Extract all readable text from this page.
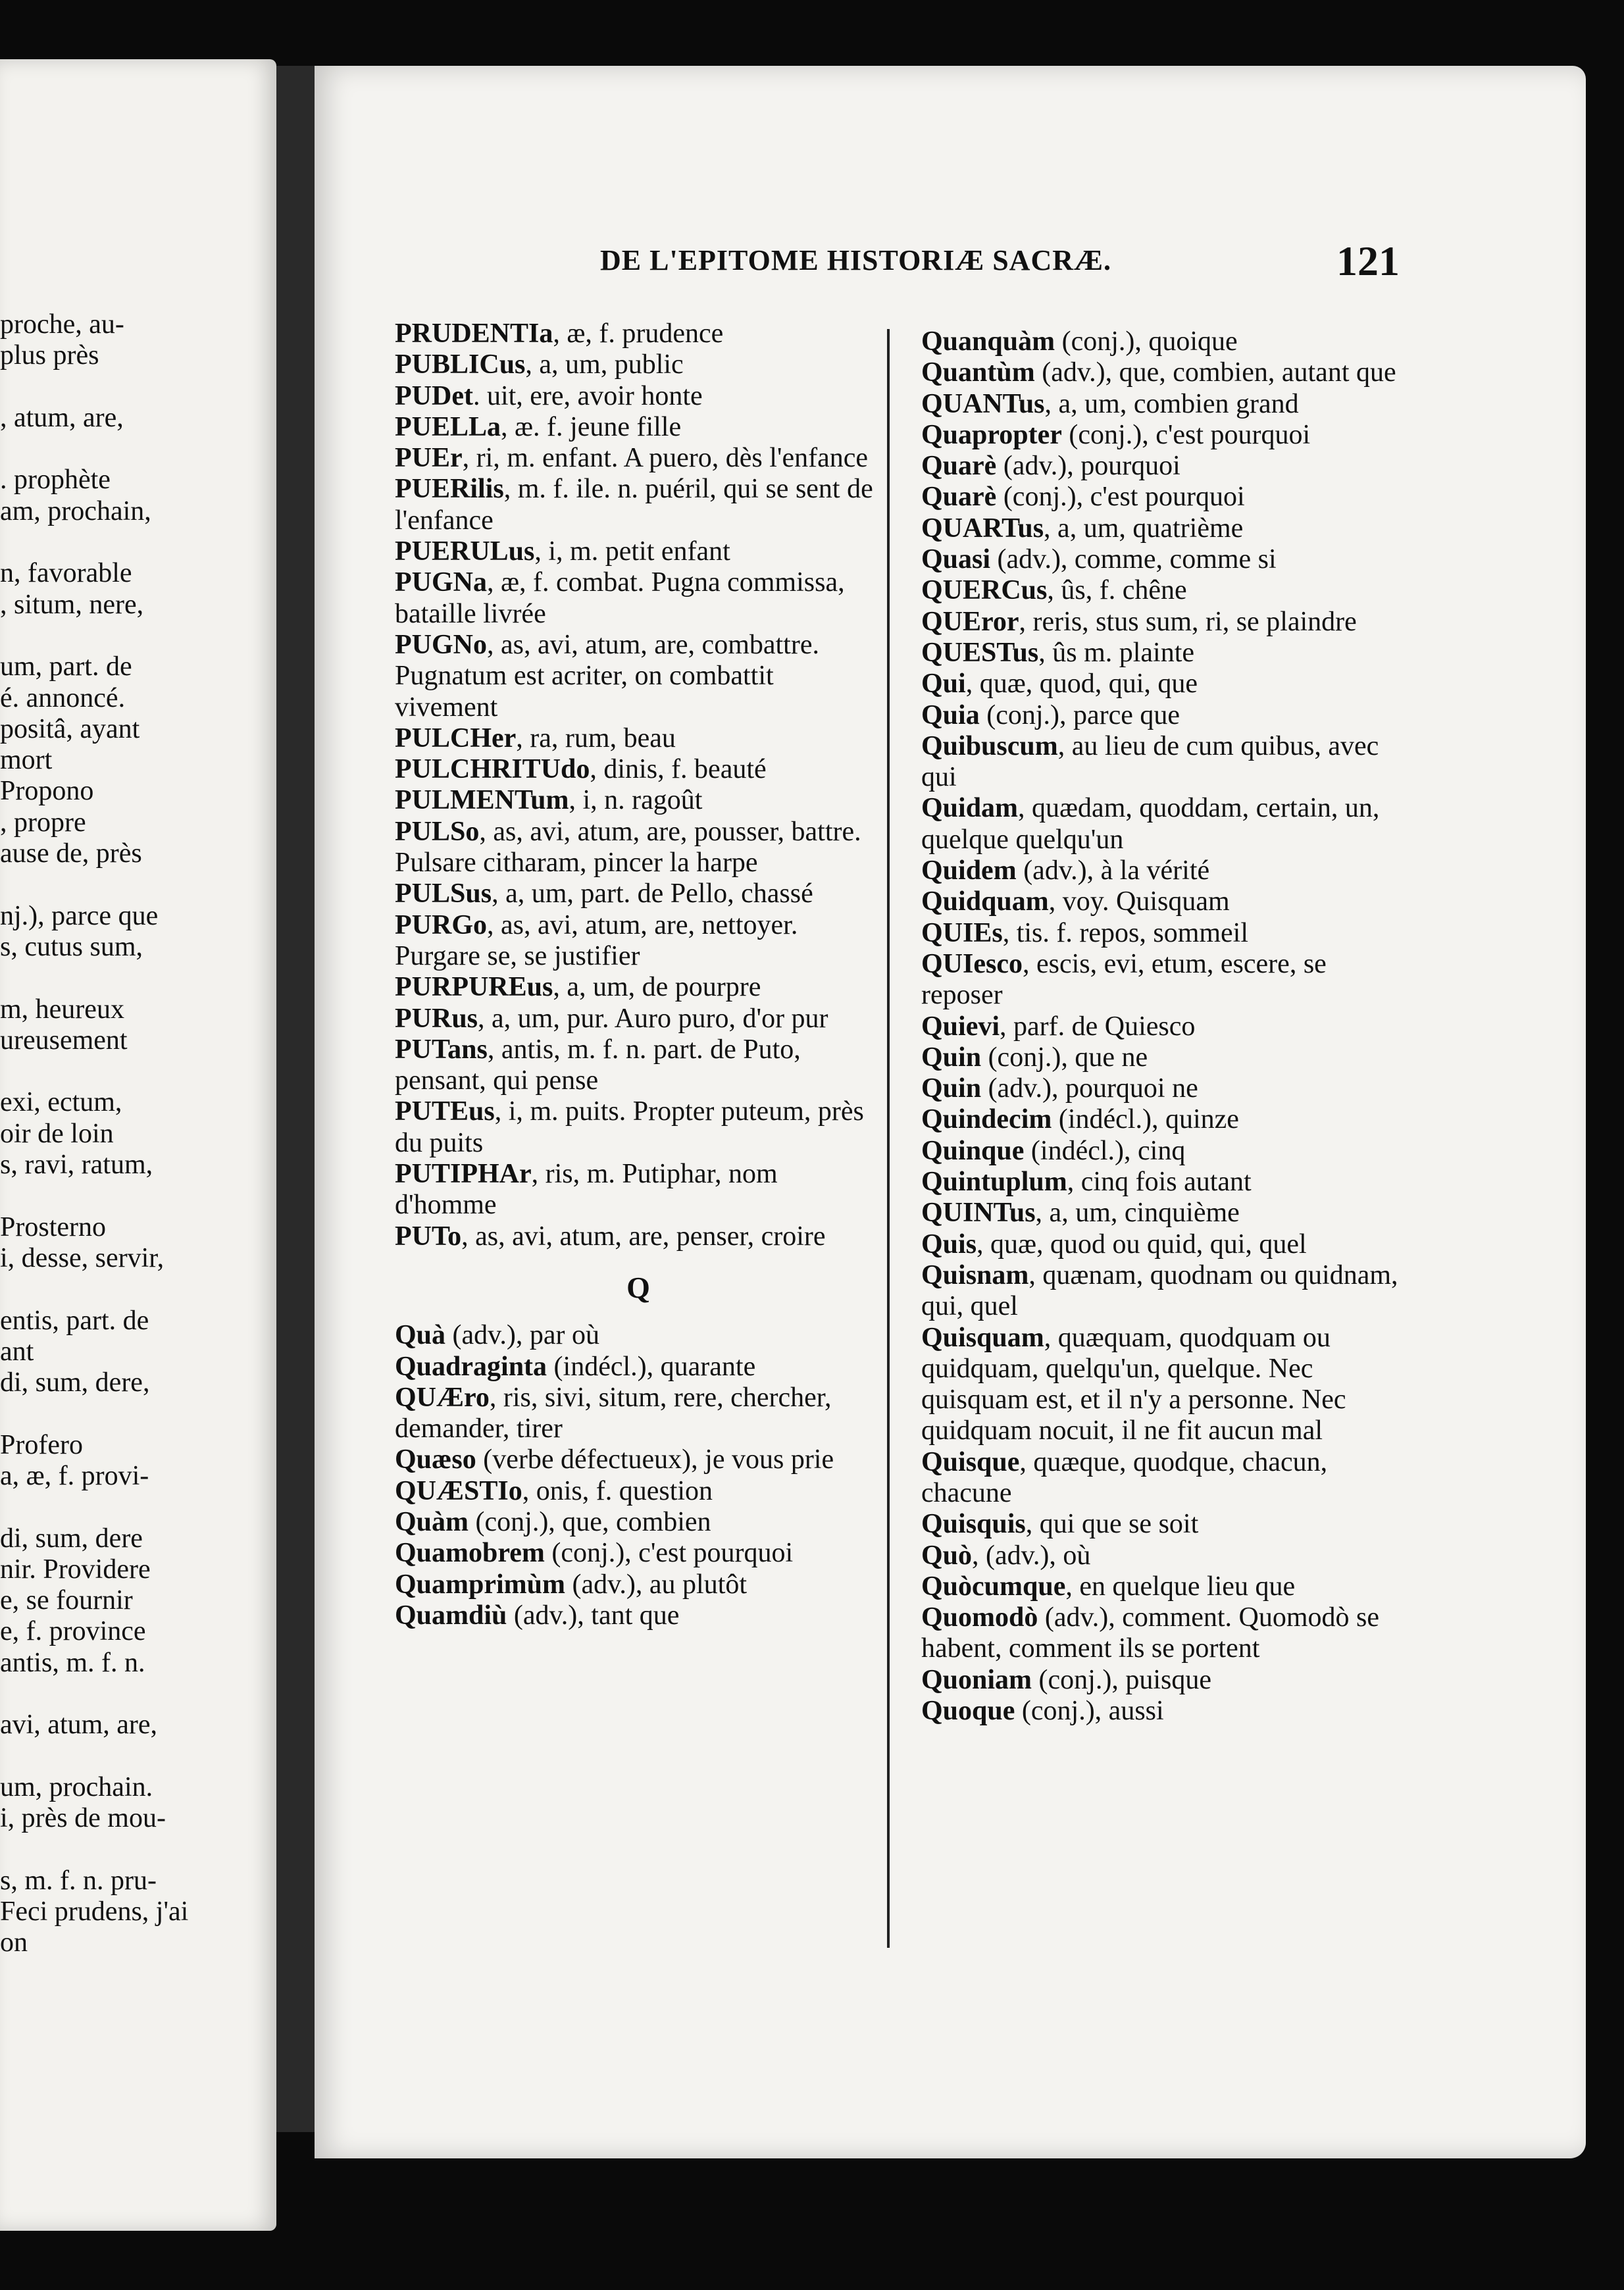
proche, au-
plus près

, atum, are,

. prophète
am, prochain,

n, favorable
, situm, nere,

um, part. de
é. annoncé.
positâ, ayant
mort
Propono
, propre
ause de, près

nj.), parce que
s, cutus sum,

m, heureux
ureusement

exi, ectum,
oir de loin
s, ravi, ratum,

Prosterno
i, desse, servir,

entis, part. de
ant
di, sum, dere,

Profero
a, æ, f. provi-

di, sum, dere
nir. Providere
e, se fournir
e, f. province
antis, m. f. n.

avi, atum, are,

um, prochain.
i, près de mou-

s, m. f. n. pru-
Feci prudens, j'ai
on
DE L'EPITOME HISTORIÆ SACRÆ.	121
PRUDENTIa, æ, f. prudence
PUBLICus, a, um, public
PUDet. uit, ere, avoir honte
PUELLa, æ. f. jeune fille
PUEr, ri, m. enfant. A puero, dès l'enfance
PUERilis, m. f. ile. n. puéril, qui se sent de l'enfance
PUERULus, i, m. petit enfant
PUGNa, æ, f. combat. Pugna commissa, bataille livrée
PUGNo, as, avi, atum, are, combattre. Pugnatum est acriter, on combattit vivement
PULCHer, ra, rum, beau
PULCHRITUdo, dinis, f. beauté
PULMENTum, i, n. ragoût
PULSo, as, avi, atum, are, pousser, battre. Pulsare citharam, pincer la harpe
PULSus, a, um, part. de Pello, chassé
PURGo, as, avi, atum, are, nettoyer. Purgare se, se justifier
PURPUREus, a, um, de pourpre
PURus, a, um, pur. Auro puro, d'or pur
PUTans, antis, m. f. n. part. de Puto, pensant, qui pense
PUTEus, i, m. puits. Propter puteum, près du puits
PUTIPHAr, ris, m. Putiphar, nom d'homme
PUTo, as, avi, atum, are, penser, croire
Q
Quà (adv.), par où
Quadraginta (indécl.), quarante
QUÆro, ris, sivi, situm, rere, chercher, demander, tirer
Quæso (verbe défectueux), je vous prie
QUÆSTIo, onis, f. question
Quàm (conj.), que, combien
Quamobrem (conj.), c'est pourquoi
Quamprimùm (adv.), au plutôt
Quamdiù (adv.), tant que
Quanquàm (conj.), quoique
Quantùm (adv.), que, combien, autant que
QUANTus, a, um, combien grand
Quapropter (conj.), c'est pourquoi
Quarè (adv.), pourquoi
Quarè (conj.), c'est pourquoi
QUARTus, a, um, quatrième
Quasi (adv.), comme, comme si
QUERCus, ûs, f. chêne
QUEror, reris, stus sum, ri, se plaindre
QUESTus, ûs m. plainte
Qui, quæ, quod, qui, que
Quia (conj.), parce que
Quibuscum, au lieu de cum quibus, avec qui
Quidam, quædam, quoddam, certain, un, quelque quelqu'un
Quidem (adv.), à la vérité
Quidquam, voy. Quisquam
QUIEs, tis. f. repos, sommeil
QUIesco, escis, evi, etum, escere, se reposer
Quievi, parf. de Quiesco
Quin (conj.), que ne
Quin (adv.), pourquoi ne
Quindecim (indécl.), quinze
Quinque (indécl.), cinq
Quintuplum, cinq fois autant
QUINTus, a, um, cinquième
Quis, quæ, quod ou quid, qui, quel
Quisnam, quænam, quodnam ou quidnam, qui, quel
Quisquam, quæquam, quodquam ou quidquam, quelqu'un, quelque. Nec quisquam est, et il n'y a personne. Nec quidquam nocuit, il ne fit aucun mal
Quisque, quæque, quodque, chacun, chacune
Quisquis, qui que se soit
Quò, (adv.), où
Quòcumque, en quelque lieu que
Quomodò (adv.), comment. Quomodò se habent, comment ils se portent
Quoniam (conj.), puisque
Quoque (conj.), aussi
